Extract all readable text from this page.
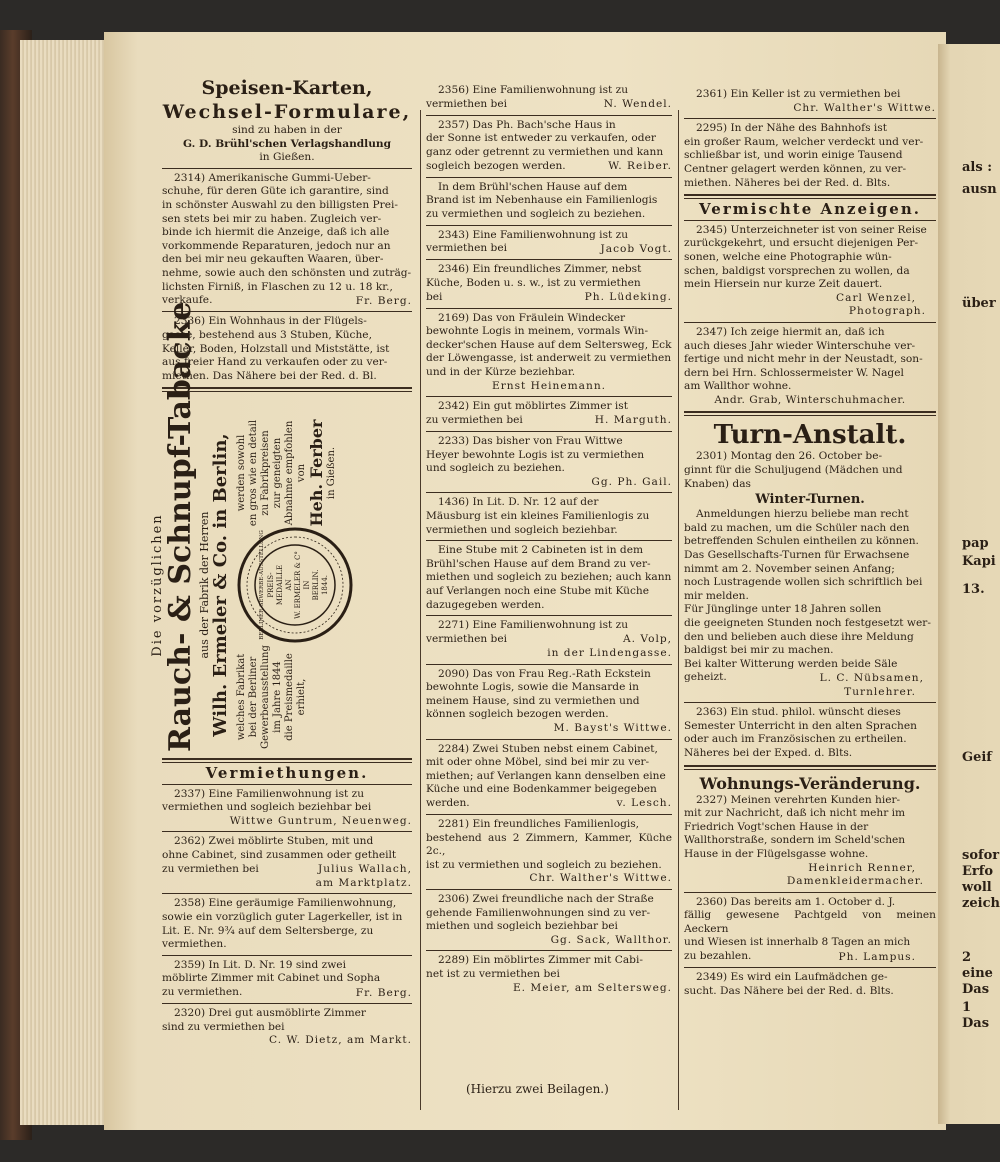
Speisen-Karten,
Wechsel-Formulare,
sind zu haben in der
G. D. Brühl'schen Verlagshandlung
in Gießen.

2314) Amerikanische Gummi-Ueber-

schuhe, für deren Güte ich garantire, sind

in schönster Auswahl zu den billigsten Prei-

sen stets bei mir zu haben. Zugleich ver-

binde ich hiermit die Anzeige, daß ich alle

vorkommende Reparaturen, jedoch nur an

den bei mir neu gekauften Waaren, über-

nehme, sowie auch den schönsten und zuträg-

lichsten Firniß, in Flaschen zu 12 u. 18 kr.,

verkaufe.	Fr. Berg.

2336) Ein Wohnhaus in der Flügels-

gasse, bestehend aus 3 Stuben, Küche,

Keller, Boden, Holzstall und Miststätte, ist

aus freier Hand zu verkaufen oder zu ver-

miethen. Das Nähere bei der Red. d. Bl.

Die vorzüglichen
Rauch- & Schnupf-Tabacke aus der Fabrik der Herren Wilh. Ermeler & Co. in Berlin, welches Fabrikat bei der Berliner Gewerbeausstellung im Jahre 1844 die Preismedaille erhielt,
werden sowohl en gros wie en detail zu Fabrikpreisen zur geneigten Abnahme empfohlen von Heh. Ferber in Gießen.
BERLINER GEWERBE-AUSSTELLUNG PREIS- MEDAILLE AN W. ERMELER & C° IN BERLIN. 1844.
Vermiethungen.

2337) Eine Familienwohnung ist zu

vermiethen und sogleich beziehbar bei

Wittwe Guntrum, Neuenweg.

2362) Zwei möblirte Stuben, mit und

ohne Cabinet, sind zusammen oder getheilt

zu vermiethen bei	Julius Wallach,
am Marktplatz.

2358) Eine geräumige Familienwohnung,

sowie ein vorzüglich guter Lagerkeller, ist in

Lit. E. Nr. 9¾ auf dem Seltersberge, zu

vermiethen.

2359) In Lit. D. Nr. 19 sind zwei

möblirte Zimmer mit Cabinet und Sopha

zu vermiethen.	Fr. Berg.

2320) Drei gut ausmöblirte Zimmer

sind zu vermiethen bei

C. W. Dietz, am Markt.

2356) Eine Familienwohnung ist zu

vermiethen bei	N. Wendel.

2357) Das Ph. Bach'sche Haus in

der Sonne ist entweder zu verkaufen, oder

ganz oder getrennt zu vermiethen und kann

sogleich bezogen werden.	W. Reiber.

In dem Brühl'schen Hause auf dem

Brand ist im Nebenhause ein Familienlogis

zu vermiethen und sogleich zu beziehen.

2343) Eine Familienwohnung ist zu

vermiethen bei	Jacob Vogt.

2346) Ein freundliches Zimmer, nebst

Küche, Boden u. s. w., ist zu vermiethen

bei	Ph. Lüdeking.

2169) Das von Fräulein Windecker

bewohnte Logis in meinem, vormals Win-

decker'schen Hause auf dem Seltersweg, Eck

der Löwengasse, ist anderweit zu vermiethen

und in der Kürze beziehbar.

Ernst Heinemann.

2342) Ein gut möblirtes Zimmer ist

zu vermiethen bei	H. Marguth.

2233) Das bisher von Frau Wittwe

Heyer bewohnte Logis ist zu vermiethen

und sogleich zu beziehen.

Gg. Ph. Gail.

1436) In Lit. D. Nr. 12 auf der

Mäusburg ist ein kleines Familienlogis zu

vermiethen und sogleich beziehbar.

Eine Stube mit 2 Cabineten ist in dem

Brühl'schen Hause auf dem Brand zu ver-

miethen und sogleich zu beziehen; auch kann

auf Verlangen noch eine Stube mit Küche

dazugegeben werden.

2271) Eine Familienwohnung ist zu

vermiethen bei	A. Volp,
in der Lindengasse.

2090) Das von Frau Reg.-Rath Eckstein

bewohnte Logis, sowie die Mansarde in

meinem Hause, sind zu vermiethen und

können sogleich bezogen werden.

M. Bayst's Wittwe.

2284) Zwei Stuben nebst einem Cabinet,

mit oder ohne Möbel, sind bei mir zu ver-

miethen; auf Verlangen kann denselben eine

Küche und eine Bodenkammer beigegeben

werden.	v. Lesch.

2281) Ein freundliches Familienlogis,

bestehend aus 2 Zimmern, Kammer, Küche 2c.,

ist zu vermiethen und sogleich zu beziehen.

Chr. Walther's Wittwe.

2306) Zwei freundliche nach der Straße

gehende Familienwohnungen sind zu ver-

miethen und sogleich beziehbar bei

Gg. Sack, Wallthor.

2289) Ein möblirtes Zimmer mit Cabi-

net ist zu vermiethen bei

E. Meier, am Seltersweg.

2361) Ein Keller ist zu vermiethen bei

Chr. Walther's Wittwe.

2295) In der Nähe des Bahnhofs ist

ein großer Raum, welcher verdeckt und ver-

schließbar ist, und worin einige Tausend

Centner gelagert werden können, zu ver-

miethen. Näheres bei der Red. d. Blts.

Vermischte Anzeigen.

2345) Unterzeichneter ist von seiner Reise

zurückgekehrt, und ersucht diejenigen Per-

sonen, welche eine Photographie wün-

schen, baldigst vorsprechen zu wollen, da

mein Hiersein nur kurze Zeit dauert.

Carl Wenzel,
Photograph.

2347) Ich zeige hiermit an, daß ich

auch dieses Jahr wieder Winterschuhe ver-

fertige und nicht mehr in der Neustadt, son-

dern bei Hrn. Schlossermeister W. Nagel

am Wallthor wohne.

Andr. Grab, Winterschuhmacher.
Turn-Anstalt.

2301) Montag den 26. October be-

ginnt für die Schuljugend (Mädchen und

Knaben) das

Winter-Turnen.

Anmeldungen hierzu beliebe man recht

bald zu machen, um die Schüler nach den

betreffenden Schulen eintheilen zu können.

Das Gesellschafts-Turnen für Erwachsene

nimmt am 2. November seinen Anfang;

noch Lustragende wollen sich schriftlich bei

mir melden.

Für Jünglinge unter 18 Jahren sollen

die geeigneten Stunden noch festgesetzt wer-

den und belieben auch diese ihre Meldung

baldigst bei mir zu machen.

Bei kalter Witterung werden beide Säle

geheizt.	L. C. Nübsamen,
Turnlehrer.

2363) Ein stud. philol. wünscht dieses

Semester Unterricht in den alten Sprachen

oder auch im Französischen zu ertheilen.

Näheres bei der Exped. d. Blts.

Wohnungs-Veränderung.

2327) Meinen verehrten Kunden hier-

mit zur Nachricht, daß ich nicht mehr im

Friedrich Vogt'schen Hause in der

Wallthorstraße, sondern im Scheld'schen

Hause in der Flügelsgasse wohne.

Heinrich Renner,
Damenkleidermacher.

2360) Das bereits am 1. October d. J.

fällig gewesene Pachtgeld von meinen Aeckern

und Wiesen ist innerhalb 8 Tagen an mich

zu bezahlen.	Ph. Lampus.

2349) Es wird ein Laufmädchen ge-

sucht. Das Nähere bei der Red. d. Blts.

(Hierzu zwei Beilagen.)
als :
ausn
über
pap
Kapi
13.
Geif
sofor
Erfo
woll
zeich
2
eine
Das
1
Das
